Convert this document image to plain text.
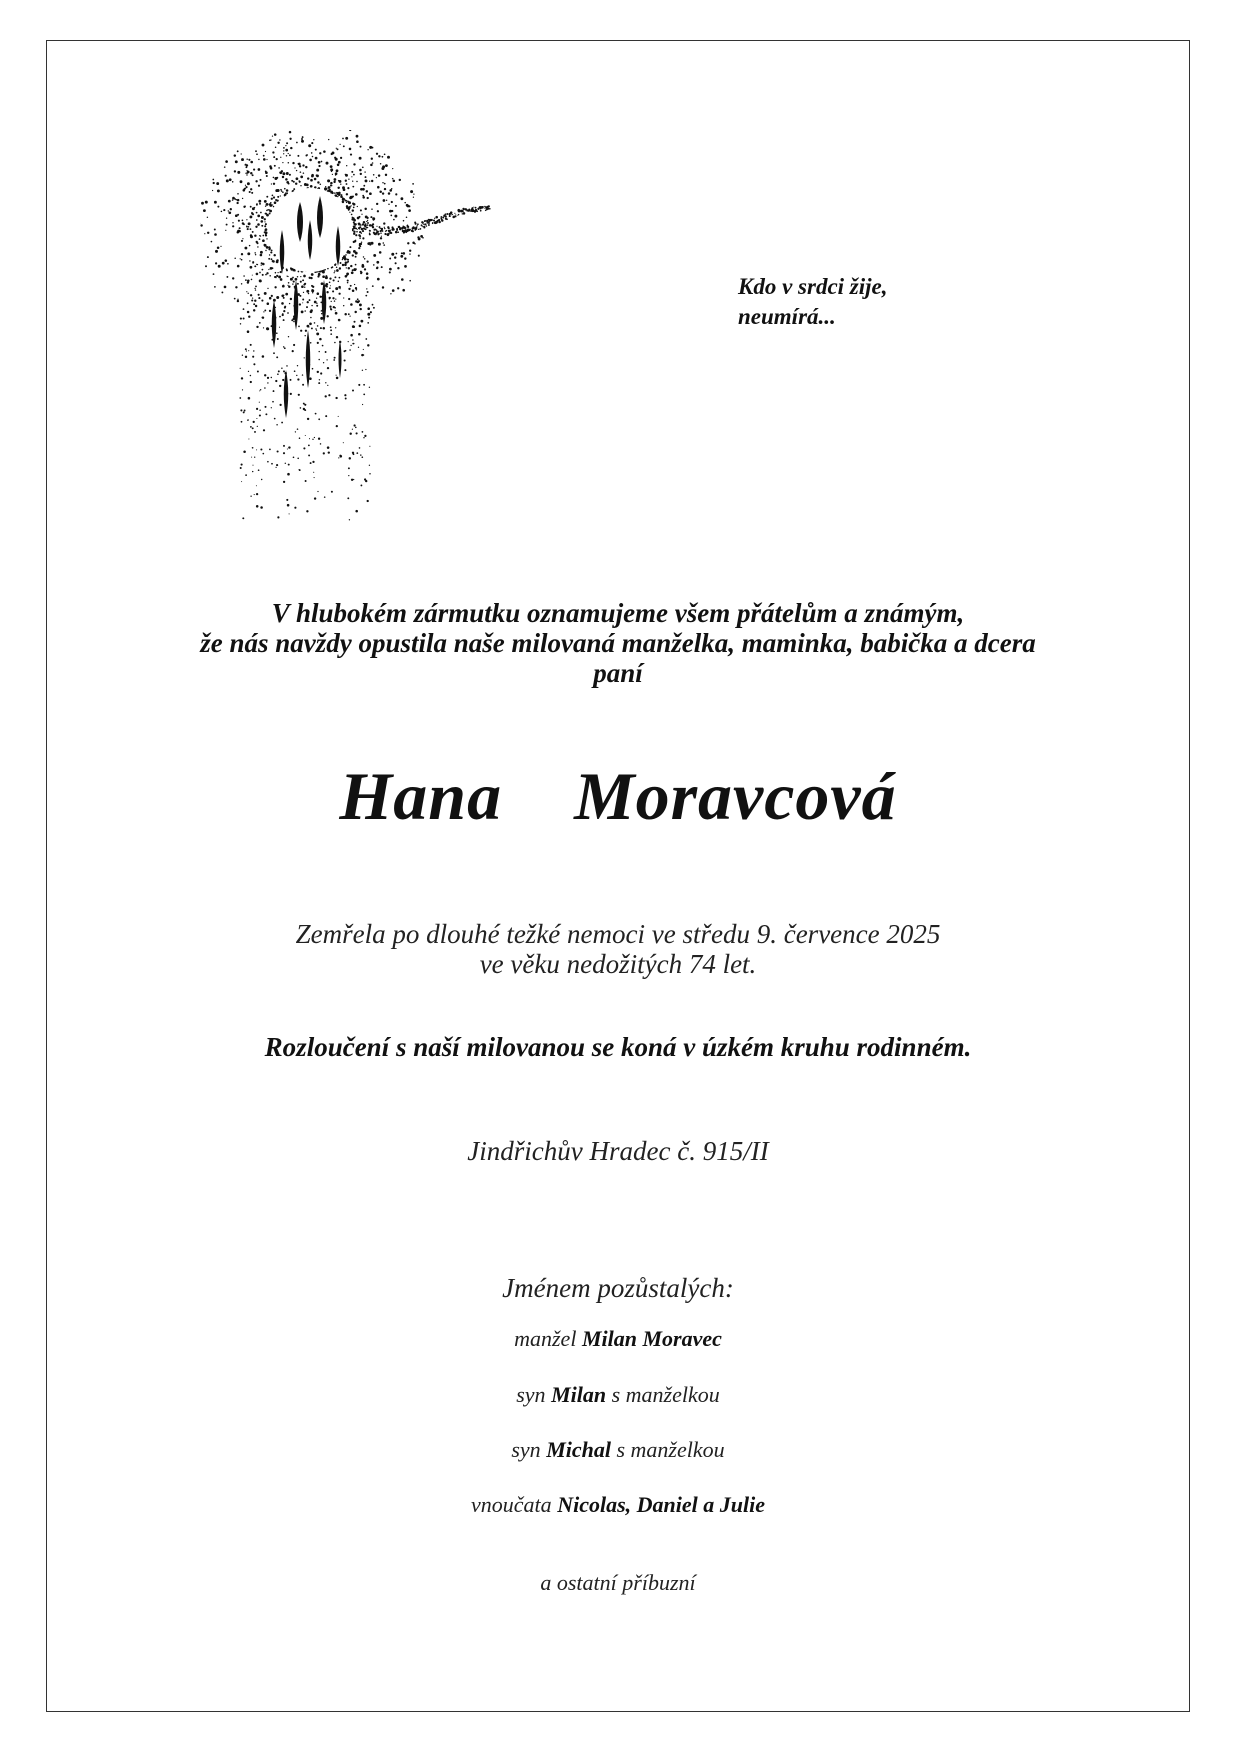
Kdo v srdci žije,
neumírá...
V hlubokém zármutku oznamujeme všem přátelům a známým,
že nás navždy opustila naše milovaná manželka, maminka, babička a dcera
paní
Hana  Moravcová
Zemřela po dlouhé težké nemoci ve středu 9. července 2025
ve věku nedožitých 74 let.
Rozloučení s naší milovanou se koná v úzkém kruhu rodinném.
Jindřichův Hradec č. 915/II
Jménem pozůstalých:
manžel Milan Moravec
syn Milan s manželkou
syn Michal s manželkou
vnoučata Nicolas, Daniel a Julie
a ostatní příbuzní
